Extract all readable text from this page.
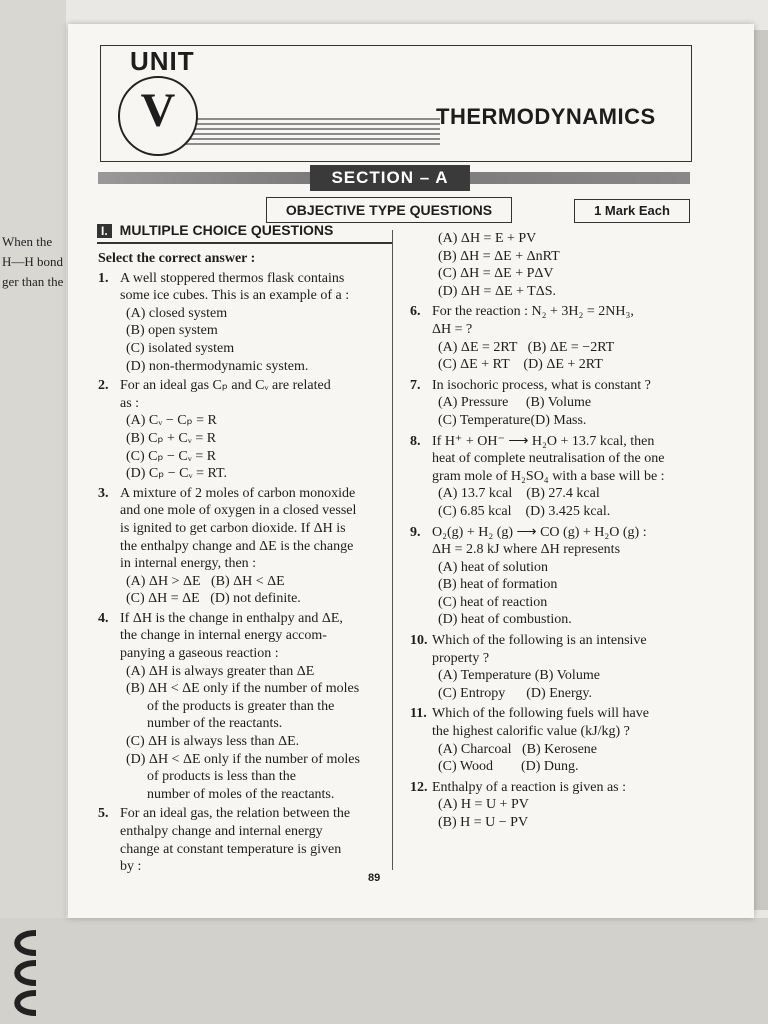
When the
H—H bond
ger than the
UNIT
V	THERMODYNAMICS
SECTION – A
OBJECTIVE TYPE QUESTIONS	1 Mark Each
I. MULTIPLE CHOICE QUESTIONS

Select the correct answer :

1. A well stoppered thermos flask contains

some ice cubes. This is an example of a :

(A) closed system

(B) open system

(C) isolated system

(D) non-thermodynamic system.

2. For an ideal gas Cₚ and Cᵥ are related

as :

(A) Cᵥ − Cₚ = R

(B) Cₚ + Cᵥ = R

(C) Cₚ − Cᵥ = R

(D) Cₚ − Cᵥ = RT.

3. A mixture of 2 moles of carbon monoxide

and one mole of oxygen in a closed vessel

is ignited to get carbon dioxide. If ΔH is

the enthalpy change and ΔE is the change

in internal energy, then :

(A) ΔH > ΔE   (B) ΔH < ΔE

(C) ΔH = ΔE   (D) not definite.

4. If ΔH is the change in enthalpy and ΔE,

the change in internal energy accom-

panying a gaseous reaction :

(A) ΔH is always greater than ΔE

(B) ΔH < ΔE only if the number of moles

of the products is greater than the

number of the reactants.

(C) ΔH is always less than ΔE.

(D) ΔH < ΔE only if the number of moles

of products is less than the

number of moles of the reactants.

5. For an ideal gas, the relation between the

enthalpy change and internal energy

change at constant temperature is given

by :

(A) ΔH = E + PV

(B) ΔH = ΔE + ΔnRT

(C) ΔH = ΔE + PΔV

(D) ΔH = ΔE + TΔS.

6. For the reaction : N₂ + 3H₂ = 2NH₃,

ΔH = ?

(A) ΔE = 2RT   (B) ΔE = −2RT

(C) ΔE + RT    (D) ΔE + 2RT

7. In isochoric process, what is constant ?

(A) Pressure     (B) Volume

(C) Temperature(D) Mass.

8. If H⁺ + OH⁻ ⟶ H₂O + 13.7 kcal, then

heat of complete neutralisation of the one

gram mole of H₂SO₄ with a base will be :

(A) 13.7 kcal    (B) 27.4 kcal

(C) 6.85 kcal    (D) 3.425 kcal.

9. O₂(g) + H₂ (g) ⟶ CO (g) + H₂O (g) :

ΔH = 2.8 kJ where ΔH represents

(A) heat of solution

(B) heat of formation

(C) heat of reaction

(D) heat of combustion.

10. Which of the following is an intensive

property ?

(A) Temperature (B) Volume

(C) Entropy      (D) Energy.

11. Which of the following fuels will have

the highest calorific value (kJ/kg) ?

(A) Charcoal   (B) Kerosene

(C) Wood        (D) Dung.

12. Enthalpy of a reaction is given as :

(A) H = U + PV

(B) H = U − PV

89
